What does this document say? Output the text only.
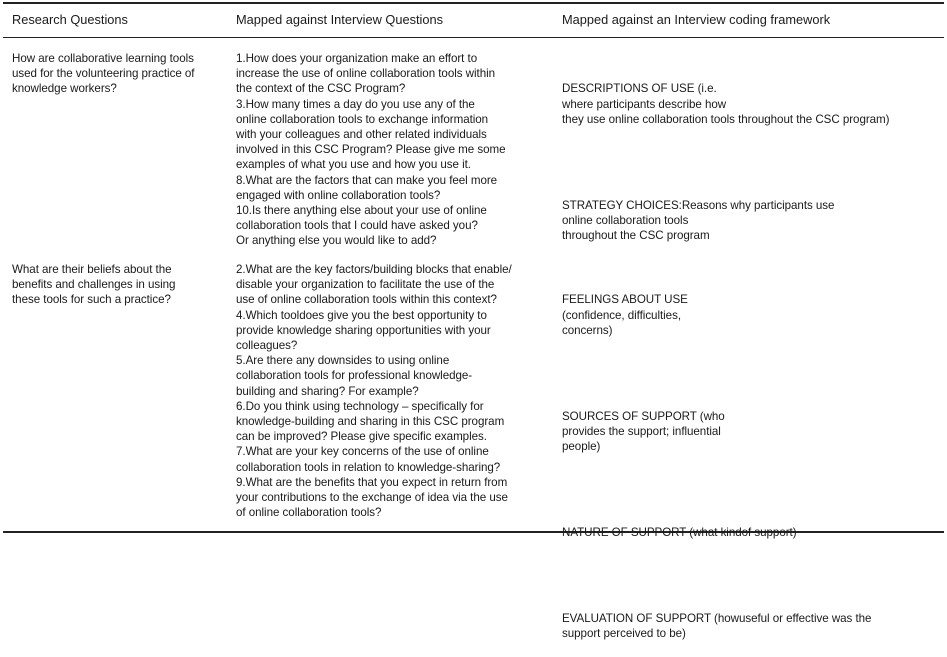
Research Questions	Mapped against Interview Questions	Mapped against an Interview coding framework
How are collaborative learning tools
used for the volunteering practice of
knowledge workers?
1.How does your organization make an effort to
increase the use of online collaboration tools within
the context of the CSC Program?
3.How many times a day do you use any of the
online collaboration tools to exchange information
with your colleagues and other related individuals
involved in this CSC Program? Please give me some
examples of what you use and how you use it.
8.What are the factors that can make you feel more
engaged with online collaboration tools?
10.Is there anything else about your use of online
collaboration tools that I could have asked you?
Or anything else you would like to add?

DESCRIPTIONS OF USE (i.e.
where participants describe how
they use online collaboration tools throughout the CSC program)

STRATEGY CHOICES:Reasons why participants use
online collaboration tools
throughout the CSC program

What are their beliefs about the
benefits and challenges in using
these tools for such a practice?
2.What are the key factors/building blocks that enable/
disable your organization to facilitate the use of the
use of online collaboration tools within this context?
4.Which tooldoes give you the best opportunity to
provide knowledge sharing opportunities with your
colleagues?
5.Are there any downsides to using online
collaboration tools for professional knowledge-
building and sharing? For example?
6.Do you think using technology – specifically for
knowledge-building and sharing in this CSC program
can be improved? Please give specific examples.
7.What are your key concerns of the use of online
collaboration tools in relation to knowledge-sharing?
9.What are the benefits that you expect in return from
your contributions to the exchange of idea via the use
of online collaboration tools?

FEELINGS ABOUT USE
(confidence, difficulties,
concerns)

SOURCES OF SUPPORT (who
provides the support; influential
people)

NATURE OF SUPPORT (what kindof support)

EVALUATION OF SUPPORT (howuseful or effective was the
support perceived to be)
